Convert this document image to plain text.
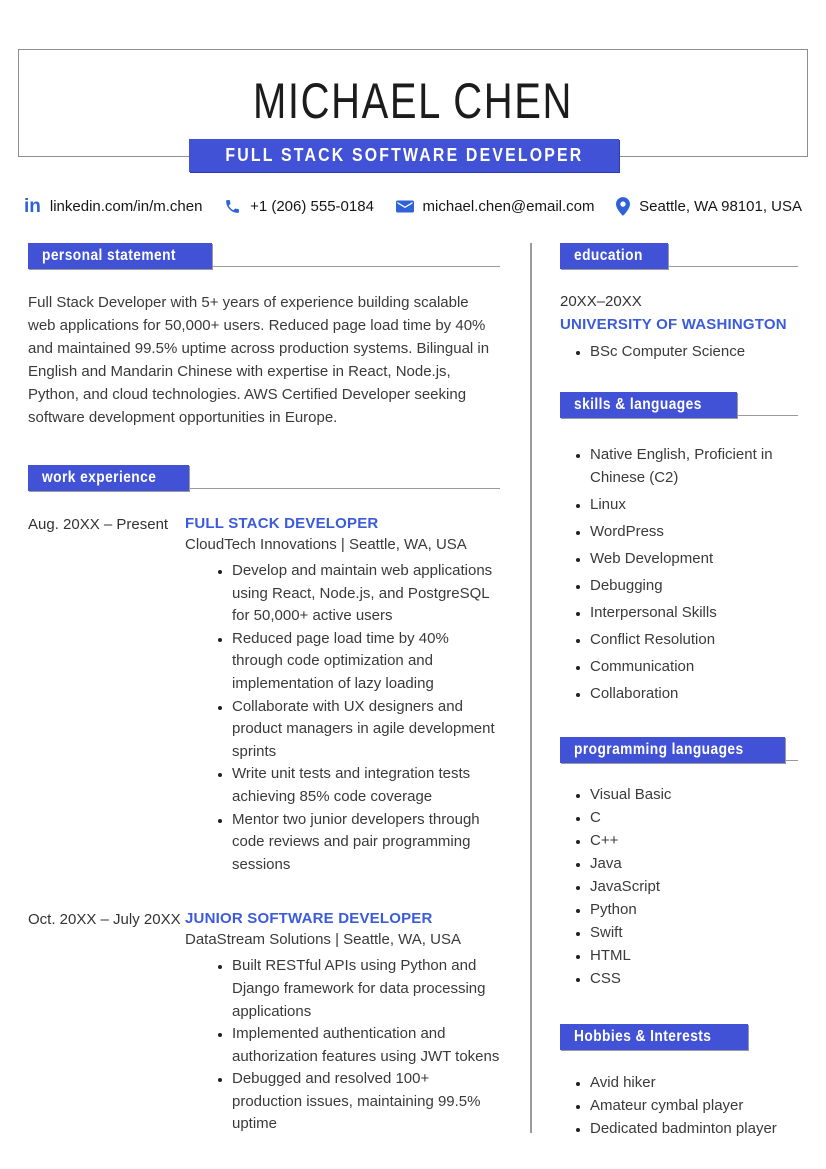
MICHAEL CHEN
FULL STACK SOFTWARE DEVELOPER
in linkedin.com/in/m.chen	+1 (206) 555-0184	michael.chen@email.com	Seattle, WA 98101, USA
personal statement
Full Stack Developer with 5+ years of experience building scalable web applications for 50,000+ users. Reduced page load time by 40% and maintained 99.5% uptime across production systems. Bilingual in English and Mandarin Chinese with expertise in React, Node.js, Python, and cloud technologies. AWS Certified Developer seeking software development opportunities in Europe.
work experience
Aug. 20XX – Present	FULL STACK DEVELOPER
CloudTech Innovations | Seattle, WA, USA
• Develop and maintain web applications using React, Node.js, and PostgreSQL for 50,000+ active users
• Reduced page load time by 40% through code optimization and implementation of lazy loading
• Collaborate with UX designers and product managers in agile development sprints
• Write unit tests and integration tests achieving 85% code coverage
• Mentor two junior developers through code reviews and pair programming sessions
Oct. 20XX – July 20XX JUNIOR SOFTWARE DEVELOPER
DataStream Solutions | Seattle, WA, USA
• Built RESTful APIs using Python and Django framework for data processing applications
• Implemented authentication and authorization features using JWT tokens
• Debugged and resolved 100+ production issues, maintaining 99.5% uptime
education
20XX–20XX
UNIVERSITY OF WASHINGTON
• BSc Computer Science
skills & languages
• Native English, Proficient in Chinese (C2)
• Linux
• WordPress
• Web Development
• Debugging
• Interpersonal Skills
• Conflict Resolution
• Communication
• Collaboration
programming languages
• Visual Basic
• C
• C++
• Java
• JavaScript
• Python
• Swift
• HTML
• CSS
Hobbies & Interests
• Avid hiker
• Amateur cymbal player
• Dedicated badminton player
